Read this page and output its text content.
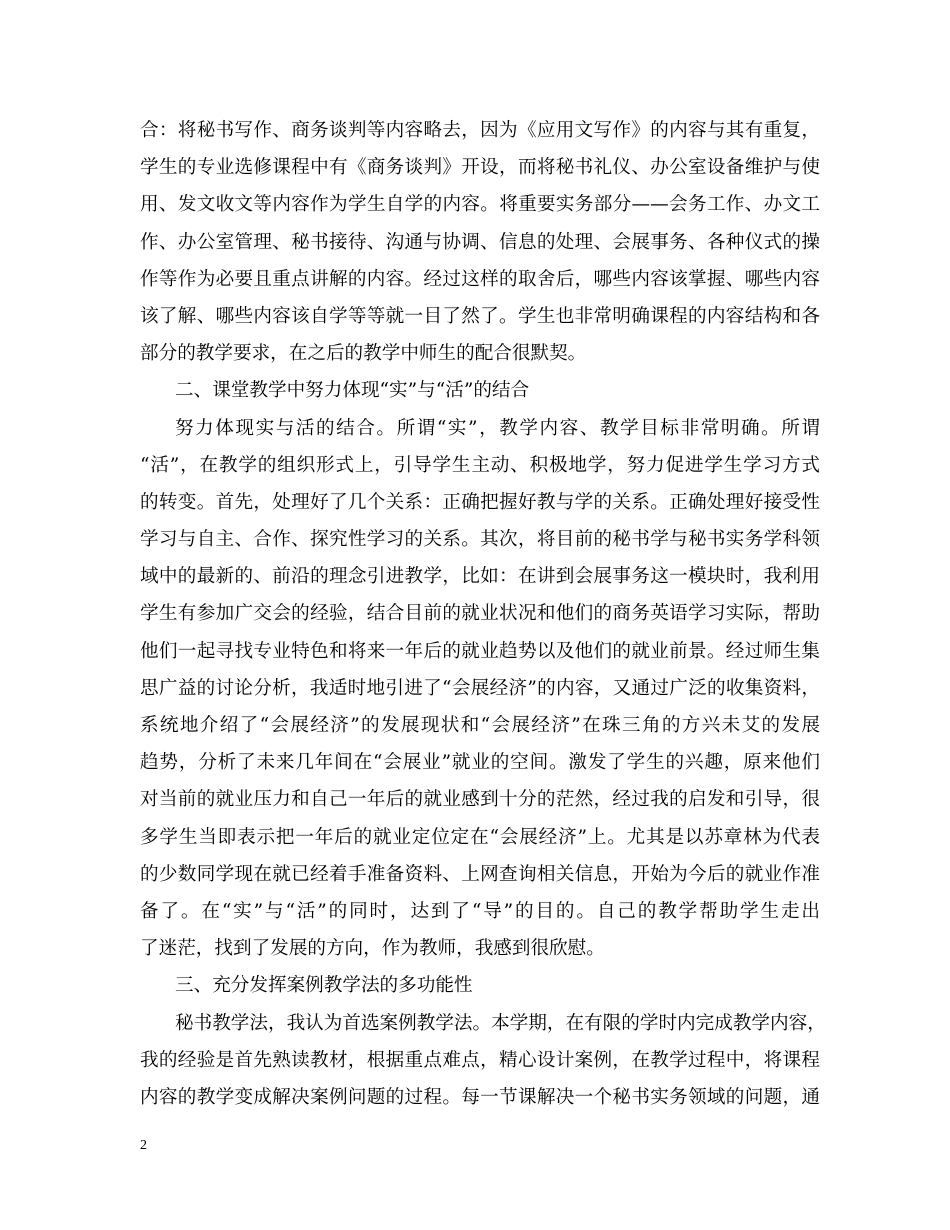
合：将秘书写作、商务谈判等内容略去，因为《应用文写作》的内容与其有重复，
学生的专业选修课程中有《商务谈判》开设，而将秘书礼仪、办公室设备维护与使
用、发文收文等内容作为学生自学的内容。将重要实务部分——会务工作、办文工
作、办公室管理、秘书接待、沟通与协调、信息的处理、会展事务、各种仪式的操
作等作为必要且重点讲解的内容。经过这样的取舍后，哪些内容该掌握、哪些内容
该了解、哪些内容该自学等等就一目了然了。学生也非常明确课程的内容结构和各
部分的教学要求，在之后的教学中师生的配合很默契。
二、课堂教学中努力体现“实”与“活”的结合
努力体现实与活的结合。所谓“实”，教学内容、教学目标非常明确。所谓
“活”，在教学的组织形式上，引导学生主动、积极地学，努力促进学生学习方式
的转变。首先，处理好了几个关系：正确把握好教与学的关系。正确处理好接受性
学习与自主、合作、探究性学习的关系。其次，将目前的秘书学与秘书实务学科领
域中的最新的、前沿的理念引进教学，比如：在讲到会展事务这一模块时，我利用
学生有参加广交会的经验，结合目前的就业状况和他们的商务英语学习实际，帮助
他们一起寻找专业特色和将来一年后的就业趋势以及他们的就业前景。经过师生集
思广益的讨论分析，我适时地引进了“会展经济”的内容，又通过广泛的收集资料，
系统地介绍了“会展经济”的发展现状和“会展经济”在珠三角的方兴未艾的发展
趋势，分析了未来几年间在“会展业”就业的空间。激发了学生的兴趣，原来他们
对当前的就业压力和自己一年后的就业感到十分的茫然，经过我的启发和引导，很
多学生当即表示把一年后的就业定位定在“会展经济”上。尤其是以苏章林为代表
的少数同学现在就已经着手准备资料、上网查询相关信息，开始为今后的就业作准
备了。在“实”与“活”的同时，达到了“导”的目的。自己的教学帮助学生走出
了迷茫，找到了发展的方向，作为教师，我感到很欣慰。
三、充分发挥案例教学法的多功能性
秘书教学法，我认为首选案例教学法。本学期，在有限的学时内完成教学内容，
我的经验是首先熟读教材，根据重点难点，精心设计案例，在教学过程中，将课程
内容的教学变成解决案例问题的过程。每一节课解决一个秘书实务领域的问题，通
2
